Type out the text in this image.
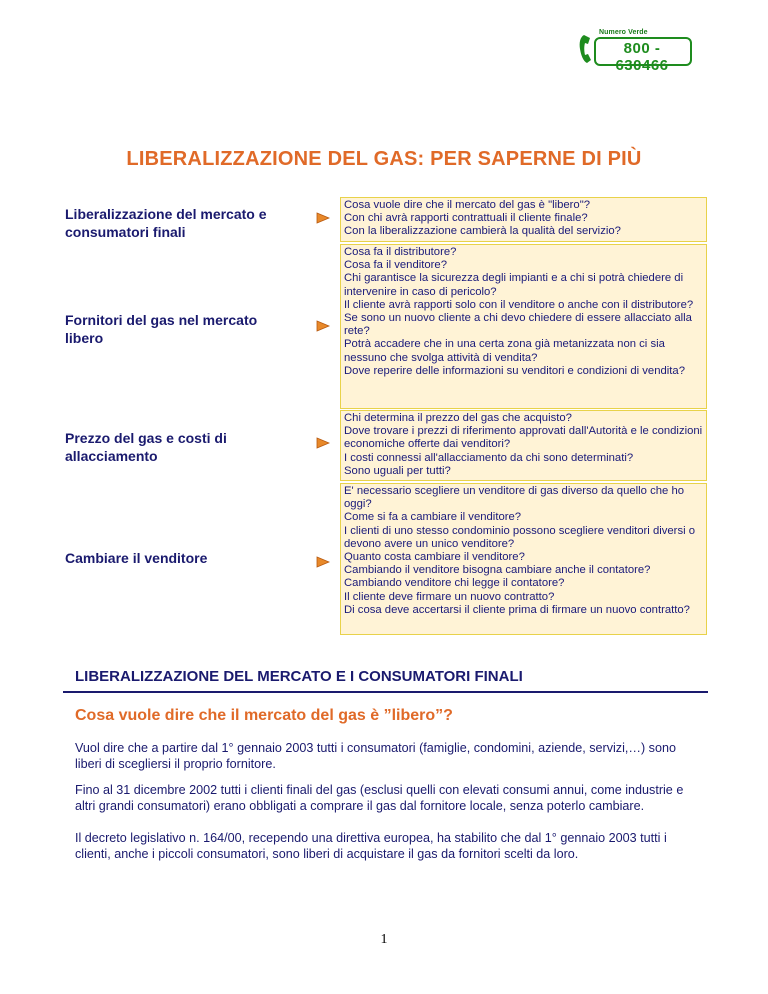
Numero Verde
800 - 630466
LIBERALIZZAZIONE DEL GAS: PER SAPERNE DI PIÙ
Liberalizzazione del mercato e consumatori finali
Cosa vuole dire che il mercato del gas è "libero"?
Con chi avrà rapporti contrattuali il cliente finale?
Con la liberalizzazione cambierà la qualità del servizio?
Fornitori del gas nel mercato libero
Cosa fa il distributore?
Cosa fa il venditore?
Chi garantisce la sicurezza degli impianti e a chi si potrà chiedere di intervenire in caso di pericolo?
Il cliente avrà rapporti solo con il venditore o anche con il distributore?
Se sono un nuovo cliente a chi devo chiedere di essere allacciato alla rete?
Potrà accadere che in una certa zona già metanizzata non ci sia nessuno che svolga attività di vendita?
Dove reperire delle informazioni su venditori e condizioni di vendita?
Prezzo del gas e costi di allacciamento
Chi determina il prezzo del gas che acquisto?
Dove trovare i prezzi di riferimento approvati dall'Autorità e le condizioni economiche offerte dai venditori?
I costi connessi all'allacciamento da chi sono determinati?
Sono uguali per tutti?
Cambiare il venditore
E' necessario scegliere un venditore di gas diverso da quello che ho oggi?
Come si fa a cambiare il venditore?
I clienti di uno stesso condominio possono scegliere venditori diversi o devono avere un unico venditore?
Quanto costa cambiare il venditore?
Cambiando il venditore bisogna cambiare anche il contatore?
Cambiando venditore chi legge il contatore?
Il cliente deve firmare un nuovo contratto?
Di cosa deve accertarsi il cliente prima di firmare un nuovo contratto?
LIBERALIZZAZIONE DEL MERCATO E I CONSUMATORI FINALI
Cosa vuole dire che il mercato del gas è ”libero”?
Vuol dire che a partire dal 1° gennaio 2003 tutti i consumatori (famiglie, condomini, aziende, servizi,…) sono liberi di scegliersi il proprio fornitore.
Fino al 31 dicembre 2002 tutti i clienti finali del gas (esclusi quelli con elevati consumi annui, come industrie e altri grandi consumatori) erano obbligati a comprare il gas dal fornitore locale, senza poterlo cambiare.
Il decreto legislativo n. 164/00, recependo una direttiva europea, ha stabilito che dal 1° gennaio 2003 tutti i clienti, anche i piccoli consumatori, sono liberi di acquistare il gas da fornitori scelti da loro.
1
